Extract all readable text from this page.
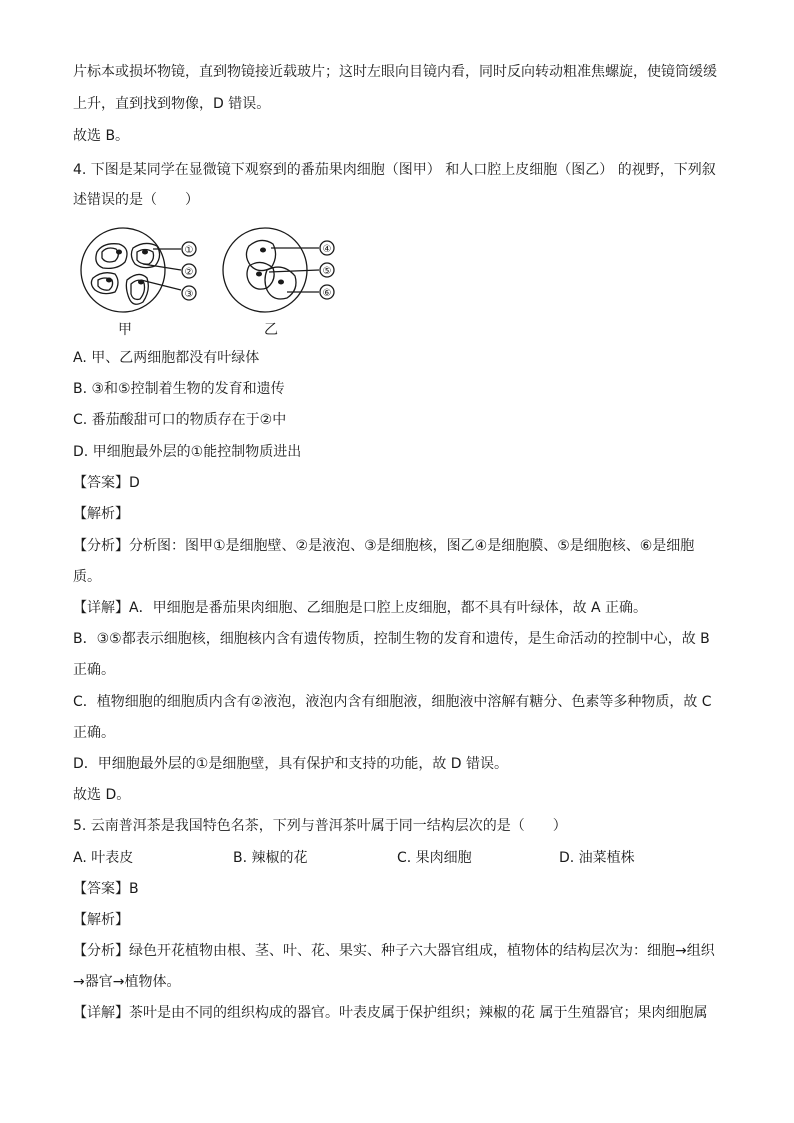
片标本或损坏物镜，直到物镜接近载玻片；这时左眼向目镜内看，同时反向转动粗准焦螺旋，使镜筒缓缓
上升，直到找到物像，D 错误。
故选 B。
4. 下图是某同学在显微镜下观察到的番茄果肉细胞（图甲） 和人口腔上皮细胞（图乙） 的视野，下列叙
述错误的是（　　）
①
②
③
④
⑤
⑥
甲	乙
A. 甲、乙两细胞都没有叶绿体
B. ③和⑤控制着生物的发育和遗传
C. 番茄酸甜可口的物质存在于②中
D. 甲细胞最外层的①能控制物质进出
【答案】D
【解析】
【分析】分析图：图甲①是细胞壁、②是液泡、③是细胞核，图乙④是细胞膜、⑤是细胞核、⑥是细胞
质。
【详解】A．甲细胞是番茄果肉细胞、乙细胞是口腔上皮细胞，都不具有叶绿体，故 A 正确。
B．③⑤都表示细胞核，细胞核内含有遗传物质，控制生物的发育和遗传，是生命活动的控制中心，故 B
正确。
C．植物细胞的细胞质内含有②液泡，液泡内含有细胞液，细胞液中溶解有糖分、色素等多种物质，故 C
正确。
D．甲细胞最外层的①是细胞壁，具有保护和支持的功能，故 D 错误。
故选 D。
5. 云南普洱茶是我国特色名茶，下列与普洱茶叶属于同一结构层次的是（　　）
A. 叶表皮	B. 辣椒的花	C. 果肉细胞	D. 油菜植株
【答案】B
【解析】
【分析】绿色开花植物由根、茎、叶、花、果实、种子六大器官组成，植物体的结构层次为：细胞→组织
→器官→植物体。
【详解】茶叶是由不同的组织构成的器官。叶表皮属于保护组织；辣椒的花 属于生殖器官；果肉细胞属
